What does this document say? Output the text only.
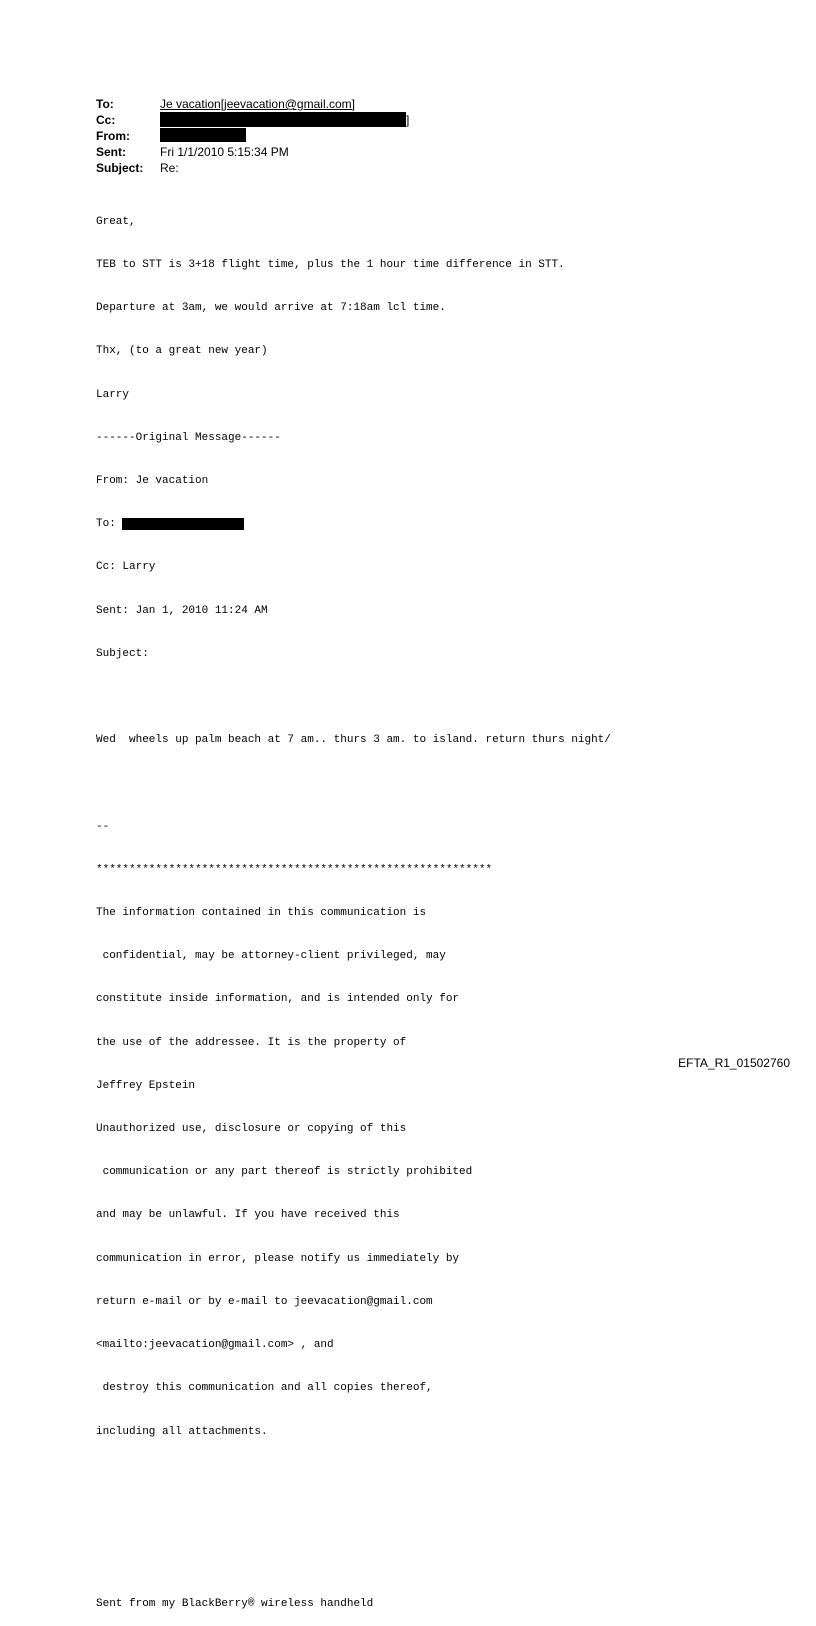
To:	Je vacation[jeevacation@gmail.com]
Cc:	]
From:
Sent:	Fri 1/1/2010 5:15:34 PM
Subject: Re:

Great,

TEB to STT is 3+18 flight time, plus the 1 hour time difference in STT.

Departure at 3am, we would arrive at 7:18am lcl time.

Thx, (to a great new year)

Larry

------Original Message------

From: Je vacation

To:

Cc: Larry

Sent: Jan 1, 2010 11:24 AM

Subject:

Wed  wheels up palm beach at 7 am.. thurs 3 am. to island. return thurs night/

--

************************************************************

The information contained in this communication is

confidential, may be attorney-client privileged, may

constitute inside information, and is intended only for

the use of the addressee. It is the property of

Jeffrey Epstein

Unauthorized use, disclosure or copying of this

communication or any part thereof is strictly prohibited

and may be unlawful. If you have received this

communication in error, please notify us immediately by

return e-mail or by e-mail to jeevacation@gmail.com

<mailto:jeevacation@gmail.com> , and

destroy this communication and all copies thereof,

including all attachments.

Sent from my BlackBerry® wireless handheld

EFTA_R1_01502760
